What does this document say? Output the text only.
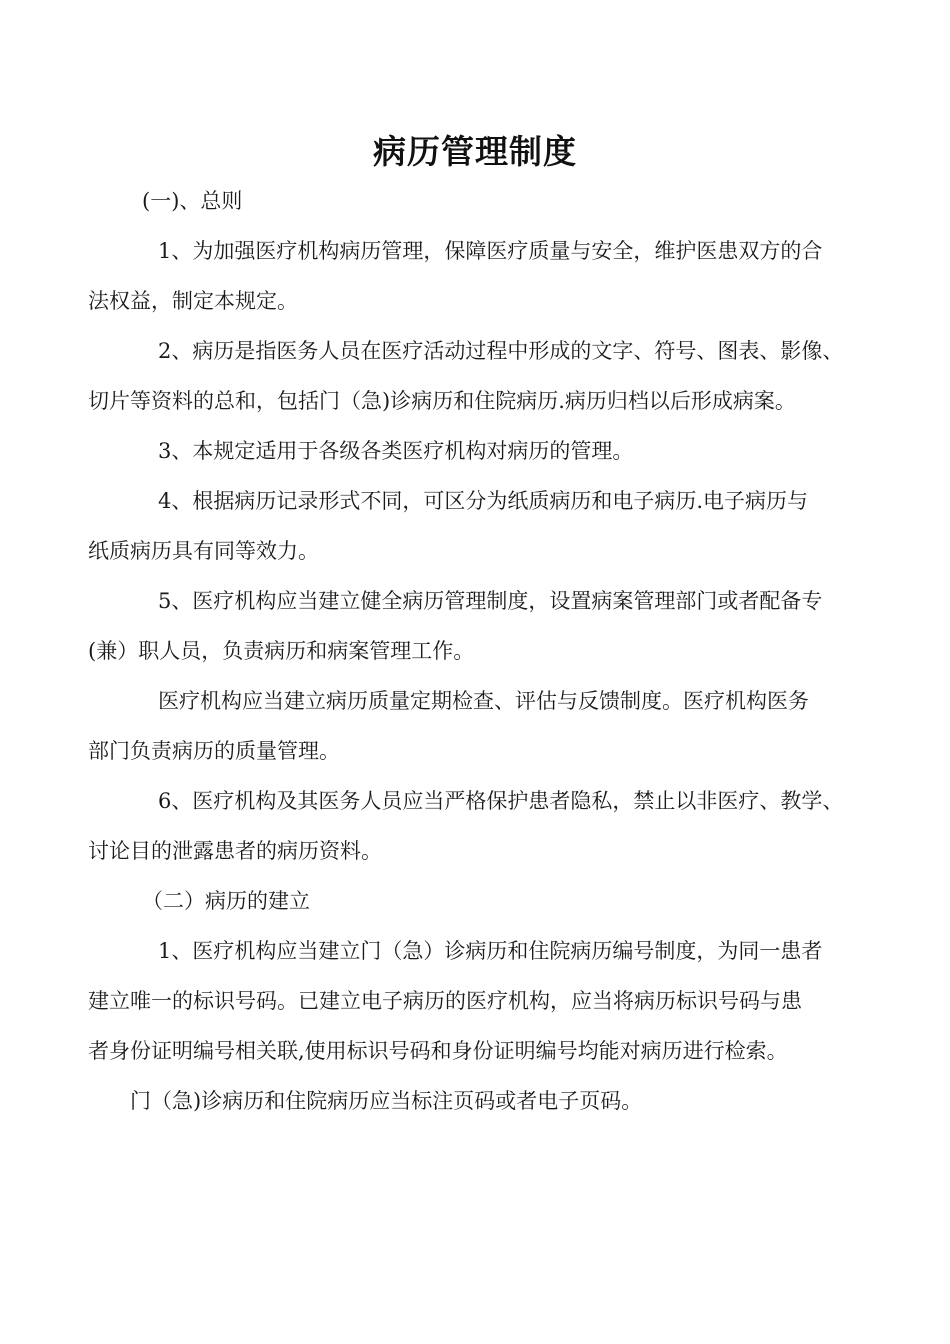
病历管理制度
(一)、总则
1、为加强医疗机构病历管理，保障医疗质量与安全，维护医患双方的合
法权益，制定本规定。
2、病历是指医务人员在医疗活动过程中形成的文字、符号、图表、影像、
切片等资料的总和，包括门（急)诊病历和住院病历.病历归档以后形成病案。
3、本规定适用于各级各类医疗机构对病历的管理。
4、根据病历记录形式不同，可区分为纸质病历和电子病历.电子病历与
纸质病历具有同等效力。
5、医疗机构应当建立健全病历管理制度，设置病案管理部门或者配备专
(兼）职人员，负责病历和病案管理工作。
医疗机构应当建立病历质量定期检查、评估与反馈制度。医疗机构医务
部门负责病历的质量管理。
6、医疗机构及其医务人员应当严格保护患者隐私，禁止以非医疗、教学、
讨论目的泄露患者的病历资料。
（二）病历的建立
1、医疗机构应当建立门（急）诊病历和住院病历编号制度，为同一患者
建立唯一的标识号码。已建立电子病历的医疗机构，应当将病历标识号码与患
者身份证明编号相关联,使用标识号码和身份证明编号均能对病历进行检索。
门（急)诊病历和住院病历应当标注页码或者电子页码。
